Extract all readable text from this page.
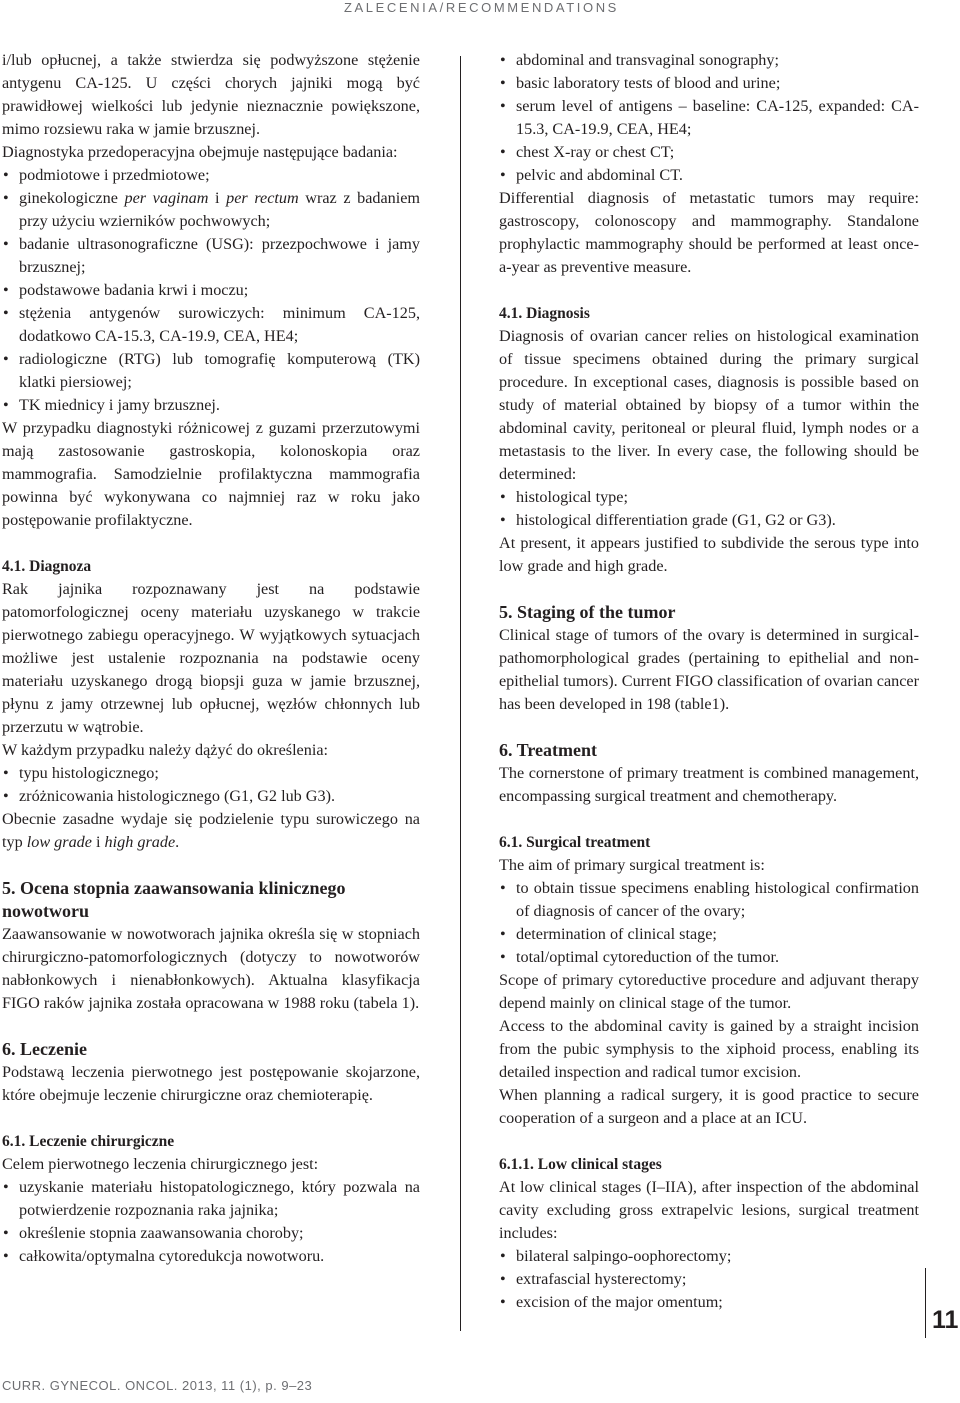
ZALECENIA/RECOMMENDATIONS

i/lub opłucnej, a także stwierdza się podwyższone stężenie antygenu CA-125. U części chorych jajniki mogą być prawidłowej wielkości lub jedynie nieznacznie powiększone, mimo rozsiewu raka w jamie brzusznej.

Diagnostyka przedoperacyjna obejmuje następujące badania:

• podmiotowe i przedmiotowe;
• ginekologiczne per vaginam i per rectum wraz z badaniem przy użyciu wzierników pochwowych;
• badanie ultrasonograficzne (USG): przezpochwowe i jamy brzusznej;
• podstawowe badania krwi i moczu;
• stężenia antygenów surowiczych: minimum CA-125, dodatkowo CA-15.3, CA-19.9, CEA, HE4;
• radiologiczne (RTG) lub tomografię komputerową (TK) klatki piersiowej;
• TK miednicy i jamy brzusznej.

W przypadku diagnostyki różnicowej z guzami przerzutowymi mają zastosowanie gastroskopia, kolonoskopia oraz mammografia. Samodzielnie profilaktyczna mammografia powinna być wykonywana co najmniej raz w roku jako postępowanie profilaktyczne.

4.1. Diagnoza

Rak jajnika rozpoznawany jest na podstawie patomorfologicznej oceny materiału uzyskanego w trakcie pierwotnego zabiegu operacyjnego. W wyjątkowych sytuacjach możliwe jest ustalenie rozpoznania na podstawie oceny materiału uzyskanego drogą biopsji guza w jamie brzusznej, płynu z jamy otrzewnej lub opłucnej, węzłów chłonnych lub przerzutu w wątrobie.

W każdym przypadku należy dążyć do określenia:

• typu histologicznego;
• zróżnicowania histologicznego (G1, G2 lub G3).

Obecnie zasadne wydaje się podzielenie typu surowiczego na typ low grade i high grade.

5. Ocena stopnia zaawansowania klinicznego nowotworu

Zaawansowanie w nowotworach jajnika określa się w stopniach chirurgiczno-patomorfologicznych (dotyczy to nowotworów nabłonkowych i nienabłonkowych). Aktualna klasyfikacja FIGO raków jajnika została opracowana w 1988 roku (tabela 1).

6. Leczenie

Podstawą leczenia pierwotnego jest postępowanie skojarzone, które obejmuje leczenie chirurgiczne oraz chemioterapię.

6.1. Leczenie chirurgiczne

Celem pierwotnego leczenia chirurgicznego jest:

• uzyskanie materiału histopatologicznego, który pozwala na potwierdzenie rozpoznania raka jajnika;
• określenie stopnia zaawansowania choroby;
• całkowita/optymalna cytoredukcja nowotworu.
• abdominal and transvaginal sonography;
• basic laboratory tests of blood and urine;
• serum level of antigens – baseline: CA-125, expanded: CA-15.3, CA-19.9, CEA, HE4;
• chest X-ray or chest CT;
• pelvic and abdominal CT.

Differential diagnosis of metastatic tumors may require: gastroscopy, colonoscopy and mammography. Standalone prophylactic mammography should be performed at least once-a-year as preventive measure.

4.1. Diagnosis

Diagnosis of ovarian cancer relies on histological examination of tissue specimens obtained during the primary surgical procedure. In exceptional cases, diagnosis is possible based on study of material obtained by biopsy of a tumor within the abdominal cavity, peritoneal or pleural fluid, lymph nodes or a metastasis to the liver. In every case, the following should be determined:

• histological type;
• histological differentiation grade (G1, G2 or G3).

At present, it appears justified to subdivide the serous type into low grade and high grade.

5. Staging of the tumor

Clinical stage of tumors of the ovary is determined in surgical-pathomorphological grades (pertaining to epithelial and non-epithelial tumors). Current FIGO classification of ovarian cancer has been developed in 198 (table1).

6. Treatment

The cornerstone of primary treatment is combined management, encompassing surgical treatment and chemotherapy.

6.1. Surgical treatment

The aim of primary surgical treatment is:

• to obtain tissue specimens enabling histological confirmation of diagnosis of cancer of the ovary;
• determination of clinical stage;
• total/optimal cytoreduction of the tumor.

Scope of primary cytoreductive procedure and adjuvant therapy depend mainly on clinical stage of the tumor.

Access to the abdominal cavity is gained by a straight incision from the pubic symphysis to the xiphoid process, enabling its detailed inspection and radical tumor excision.

When planning a radical surgery, it is good practice to secure cooperation of a surgeon and a place at an ICU.

6.1.1. Low clinical stages

At low clinical stages (I–IIA), after inspection of the abdominal cavity excluding gross extrapelvic lesions, surgical treatment includes:

• bilateral salpingo-oophorectomy;
• extrafascial hysterectomy;
• excision of the major omentum;
11
CURR. GYNECOL. ONCOL. 2013, 11 (1), p. 9–23
